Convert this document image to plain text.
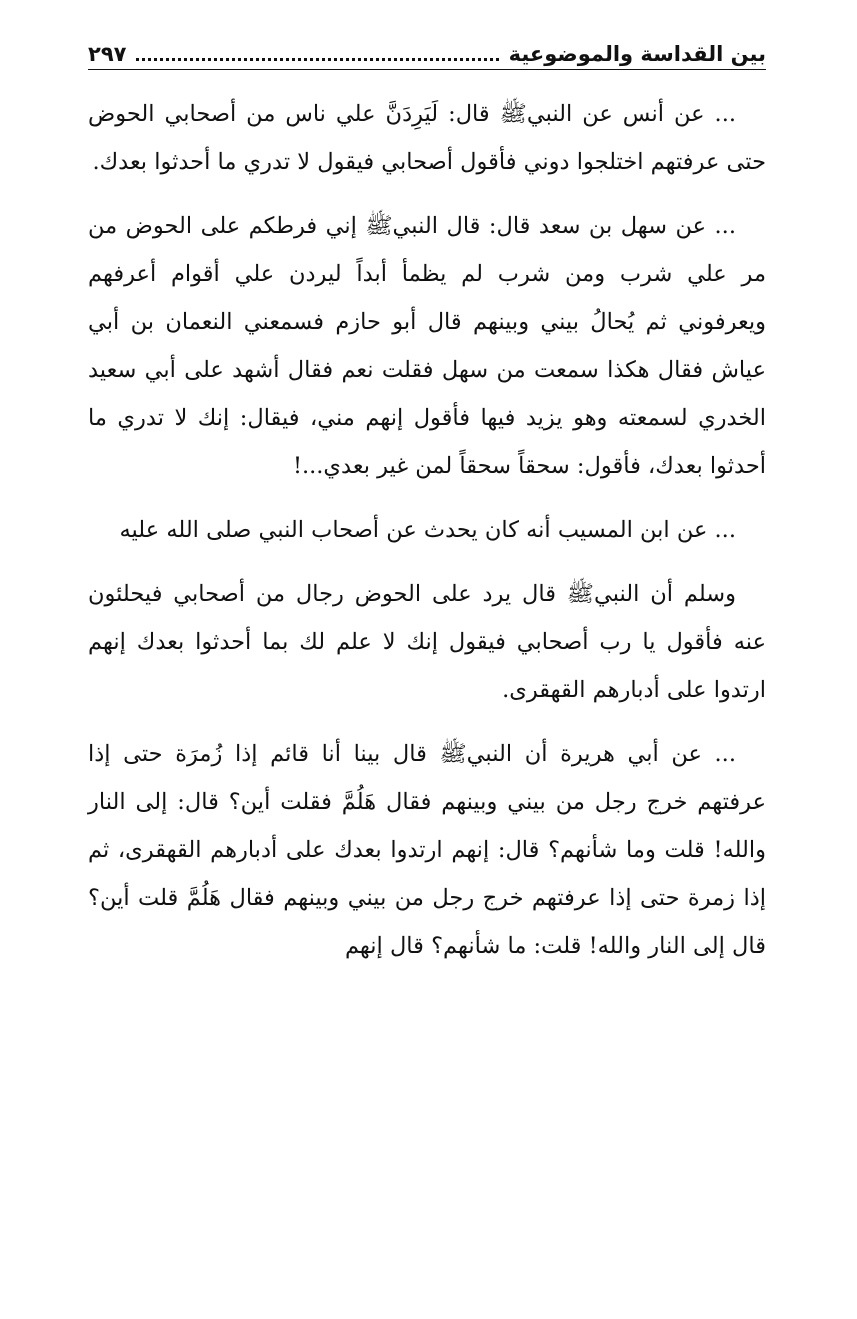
بين القداسة والموضوعية
٢٩٧

... عن أنس عن النبيﷺ قال: لَيَرِدَنَّ علي ناس من أصحابي الحوض حتى عرفتهم اختلجوا دوني فأقول أصحابي فيقول لا تدري ما أحدثوا بعدك.

... عن سهل بن سعد قال: قال النبيﷺ إني فرطكم على الحوض من مر علي شرب ومن شرب لم يظمأ أبداً ليردن علي أقوام أعرفهم ويعرفوني ثم يُحالُ بيني وبينهم قال أبو حازم فسمعني النعمان بن أبي عياش فقال هكذا سمعت من سهل فقلت نعم فقال أشهد على أبي سعيد الخدري لسمعته وهو يزيد فيها فأقول إنهم مني، فيقال: إنك لا تدري ما أحدثوا بعدك، فأقول: سحقاً سحقاً لمن غير بعدي...!

... عن ابن المسيب أنه كان يحدث عن أصحاب النبي صلى الله عليه

وسلم أن النبيﷺ قال يرد على الحوض رجال من أصحابي فيحلئون عنه فأقول يا رب أصحابي فيقول إنك لا علم لك بما أحدثوا بعدك إنهم ارتدوا على أدبارهم القهقرى.

... عن أبي هريرة أن النبيﷺ قال بينا أنا قائم إذا زُمرَة حتى إذا عرفتهم خرج رجل من بيني وبينهم فقال هَلُمَّ فقلت أين؟ قال: إلى النار والله! قلت وما شأنهم؟ قال: إنهم ارتدوا بعدك على أدبارهم القهقرى، ثم إذا زمرة حتى إذا عرفتهم خرج رجل من بيني وبينهم فقال هَلُمَّ قلت أين؟ قال إلى النار والله! قلت: ما شأنهم؟ قال إنهم
